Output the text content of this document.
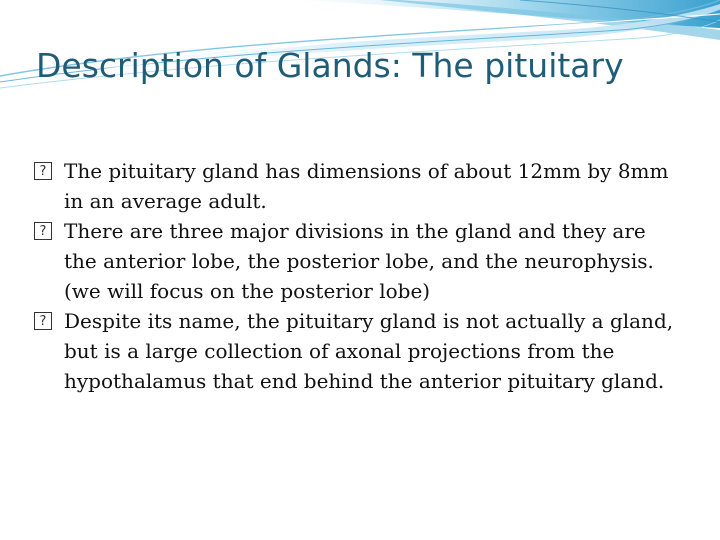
Description of Glands: The pituitary
? The pituitary gland has dimensions of about 12mm by 8mm in an average adult.
? There are three major divisions in the gland and they are the anterior lobe, the posterior lobe, and the neurophysis. (we will focus on the posterior lobe)
? Despite its name, the pituitary gland is not actually a gland, but is a large collection of axonal projections from the hypothalamus that end behind the anterior pituitary gland.
